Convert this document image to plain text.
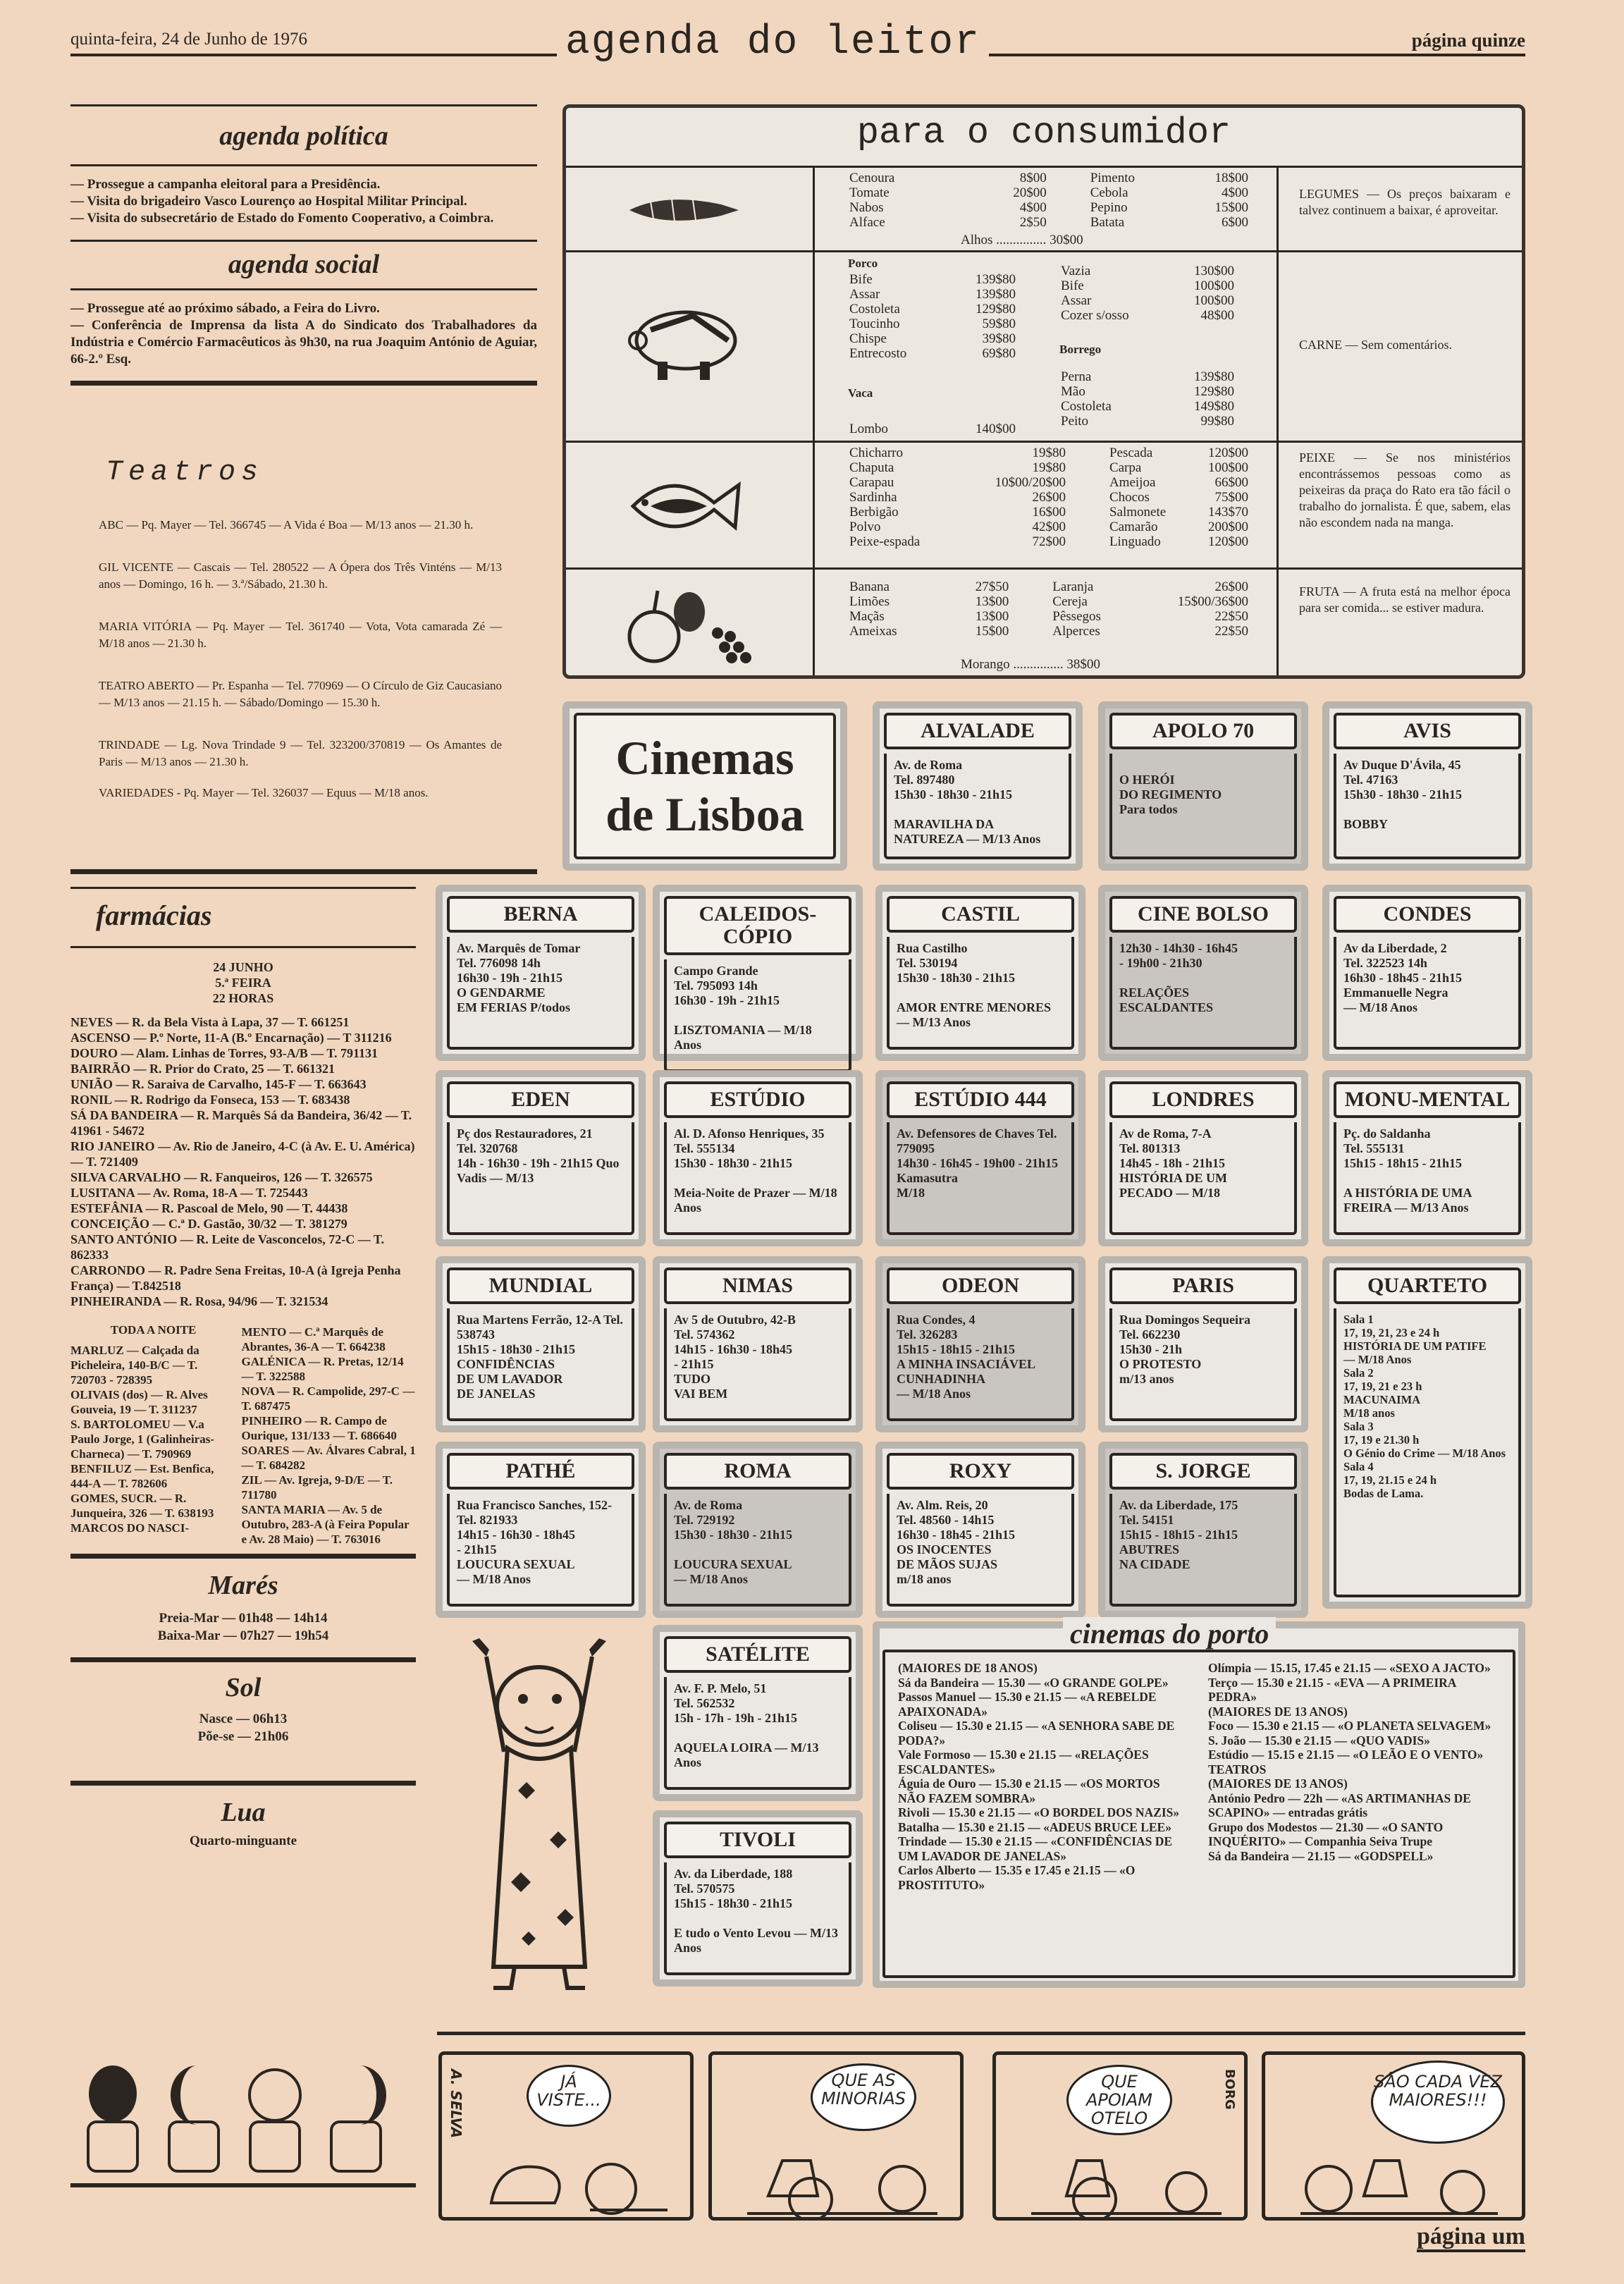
quinta-feira, 24 de Junho de 1976	agenda do leitor	página quinze
agenda política
— Prossegue a campanha eleitoral para a Presidência.
— Visita do brigadeiro Vasco Lourenço ao Hospital Militar Principal.
— Visita do subsecretário de Estado do Fomento Cooperativo, a Coimbra.
agenda social
— Prossegue até ao próximo sábado, a Feira do Livro.
— Conferência de Imprensa da lista A do Sindicato dos Trabalhadores da Indústria e Comércio Farmacêuticos às 9h30, na rua Joaquim António de Aguiar, 66-2.º Esq.
Teatros
ABC — Pq. Mayer — Tel. 366745 — A Vida é Boa — M/13 anos — 21.30 h.
GIL VICENTE — Cascais — Tel. 280522 — A Ópera dos Três Vinténs — M/13 anos — Domingo, 16 h. — 3.ª/Sábado, 21.30 h.
MARIA VITÓRIA — Pq. Mayer — Tel. 361740 — Vota, Vota camarada Zé — M/18 anos — 21.30 h.
TEATRO ABERTO — Pr. Espanha — Tel. 770969 — O Círculo de Giz Caucasiano — M/13 anos — 21.15 h. — Sábado/Domingo — 15.30 h.
TRINDADE — Lg. Nova Trindade 9 — Tel. 323200/370819 — Os Amantes de Paris — M/13 anos — 21.30 h.
VARIEDADES - Pq. Mayer — Tel. 326037 — Equus — M/18 anos.
farmácias
24 JUNHO
5.ª FEIRA
22 HORAS
NEVES — R. da Bela Vista à Lapa, 37 — T. 661251
ASCENSO — P.º Norte, 11-A (B.º Encarnação) — T 311216
DOURO — Alam. Linhas de Torres, 93-A/B — T. 791131
BAIRRÃO — R. Prior do Crato, 25 — T. 661321
UNIÃO — R. Saraiva de Carvalho, 145-F — T. 663643
RONIL — R. Rodrigo da Fonseca, 153 — T. 683438
SÁ DA BANDEIRA — R. Marquês Sá da Bandeira, 36/42 — T. 41961 - 54672
RIO JANEIRO — Av. Rio de Janeiro, 4-C (à Av. E. U. América) — T. 721409
SILVA CARVALHO — R. Fanqueiros, 126 — T. 326575
LUSITANA — Av. Roma, 18-A — T. 725443
ESTEFÂNIA — R. Pascoal de Melo, 90 — T. 44438
CONCEIÇÃO — C.ª D. Gastão, 30/32 — T. 381279
SANTO ANTÓNIO — R. Leite de Vasconcelos, 72-C — T. 862333
CARRONDO — R. Padre Sena Freitas, 10-A (à Igreja Penha França) — T.842518
PINHEIRANDA — R. Rosa, 94/96 — T. 321534
TODA A NOITE
MARLUZ — Calçada da Picheleira, 140-B/C — T. 720703 - 728395
OLIVAIS (dos) — R. Alves Gouveia, 19 — T. 311237
S. BARTOLOMEU — V.a Paulo Jorge, 1 (Galinheiras-Charneca) — T. 790969
BENFILUZ — Est. Benfica, 444-A — T. 782606
GOMES, SUCR. — R. Junqueira, 326 — T. 638193
MARCOS DO NASCI-
MENTO — C.ª Marquês de Abrantes, 36-A — T. 664238
GALÉNICA — R. Pretas, 12/14 — T. 322588
NOVA — R. Campolide, 297-C — T. 687475
PINHEIRO — R. Campo de Ourique, 131/133 — T. 686640
SOARES — Av. Álvares Cabral, 1 — T. 684282
ZIL — Av. Igreja, 9-D/E — T. 711780
SANTA MARIA — Av. 5 de Outubro, 283-A (à Feira Popular e Av. 28 Maio) — T. 763016
Marés
Preia-Mar — 01h48 — 14h14
Baixa-Mar — 07h27 — 19h54
Sol
Nasce — 06h13
Põe-se — 21h06
Lua
Quarto-minguante
para o consumidor
Cenoura	8$00	Pimento	18$00
Tomate	20$00	Cebola	4$00
Nabos	4$00	Pepino	15$00
Alface	2$50	Batata	6$00
Alhos ............... 30$00
LEGUMES — Os preços baixaram e talvez continuem a baixar, é aproveitar.
Porco
Bife	139$80
Assar	139$80
Costoleta	129$80
Toucinho	59$80
Chispe	39$80
Entrecosto	69$80
Vaca
Lombo	140$00
Vazia	130$00
Bife	100$00
Assar	100$00
Cozer s/osso	48$00
Borrego
Perna	139$80
Mão	129$80
Costoleta	149$80
Peito	99$80
CARNE — Sem comentários.
Chicharro	19$80	Pescada	120$00
Chaputa	19$80	Carpa	100$00
Carapau	10$00/20$00	Ameijoa	66$00
Sardinha	26$00	Chocos	75$00
Berbigão	16$00	Salmonete	143$70
Polvo	42$00	Camarão	200$00
Peixe-espada	72$00	Linguado	120$00
PEIXE — Se nos ministérios encontrássemos pessoas como as peixeiras da praça do Rato era tão fácil o trabalho do jornalista. É que, sabem, elas não escondem nada na manga.
Banana	27$50	Laranja	26$00
Limões	13$00	Cereja	15$00/36$00
Maçãs	13$00	Pêssegos	22$50
Ameixas	15$00	Alperces	22$50
Morango ............... 38$00
FRUTA — A fruta está na melhor época para ser comida... se estiver madura.
Cinemas de Lisboa
ALVALADE
Av. de Roma
Tel. 897480
15h30 - 18h30 - 21h15

MARAVILHA DA NATUREZA — M/13 Anos
APOLO 70

O HERÓI
DO REGIMENTO
Para todos
AVIS
Av Duque D'Ávila, 45
Tel. 47163
15h30 - 18h30 - 21h15

BOBBY
BERNA
Av. Marquês de Tomar
Tel. 776098 14h
16h30 - 19h - 21h15
O GENDARME
EM FERIAS P/todos
CALEIDOS-CÓPIO
Campo Grande
Tel. 795093 14h
16h30 - 19h - 21h15

LISZTOMANIA — M/18 Anos
CASTIL
Rua Castilho
Tel. 530194
15h30 - 18h30 - 21h15

AMOR ENTRE MENORES — M/13 Anos
CINE BOLSO
12h30 - 14h30 - 16h45
- 19h00 - 21h30

RELAÇÕES
ESCALDANTES
CONDES
Av da Liberdade, 2
Tel. 322523 14h
16h30 - 18h45 - 21h15
Emmanuelle Negra
— M/18 Anos
EDEN
Pç dos Restauradores, 21
Tel. 320768
14h - 16h30 - 19h - 21h15 Quo Vadis — M/13
ESTÚDIO
Al. D. Afonso Henriques, 35 Tel. 555134
15h30 - 18h30 - 21h15

Meia-Noite de Prazer — M/18 Anos
ESTÚDIO 444
Av. Defensores de Chaves Tel. 779095
14h30 - 16h45 - 19h00 - 21h15
Kamasutra
M/18
LONDRES
Av de Roma, 7-A
Tel. 801313
14h45 - 18h - 21h15
HISTÓRIA DE UM
PECADO — M/18
MONU-MENTAL
Pç. do Saldanha
Tel. 555131
15h15 - 18h15 - 21h15

A HISTÓRIA DE UMA FREIRA — M/13 Anos
MUNDIAL
Rua Martens Ferrão, 12-A Tel. 538743
15h15 - 18h30 - 21h15
CONFIDÊNCIAS
DE UM LAVADOR
DE JANELAS
NIMAS
Av 5 de Outubro, 42-B
Tel. 574362
14h15 - 16h30 - 18h45
- 21h15
TUDO
VAI BEM
ODEON
Rua Condes, 4
Tel. 326283
15h15 - 18h15 - 21h15
A MINHA INSACIÁVEL CUNHADINHA
— M/18 Anos
PARIS
Rua Domingos Sequeira
Tel. 662230
15h30 - 21h
O PROTESTO
m/13 anos
QUARTETO
Sala 1
17, 19, 21, 23 e 24 h
HISTÓRIA DE UM PATIFE
— M/18 Anos
Sala 2
17, 19, 21 e 23 h
MACUNAIMA
M/18 anos
Sala 3
17, 19 e 21.30 h
O Génio do Crime — M/18 Anos
Sala 4
17, 19, 21.15 e 24 h
Bodas de Lama.
PATHÉ
Rua Francisco Sanches, 152-Tel. 821933
14h15 - 16h30 - 18h45
- 21h15
LOUCURA SEXUAL
— M/18 Anos
ROMA
Av. de Roma
Tel. 729192
15h30 - 18h30 - 21h15

LOUCURA SEXUAL
— M/18 Anos
ROXY
Av. Alm. Reis, 20
Tel. 48560 - 14h15
16h30 - 18h45 - 21h15
OS INOCENTES
DE MÃOS SUJAS
m/18 anos
S. JORGE
Av. da Liberdade, 175
Tel. 54151
15h15 - 18h15 - 21h15
ABUTRES
NA CIDADE
SATÉLITE
Av. F. P. Melo, 51
Tel. 562532
15h - 17h - 19h - 21h15

AQUELA LOIRA — M/13 Anos
TIVOLI
Av. da Liberdade, 188
Tel. 570575
15h15 - 18h30 - 21h15

E tudo o Vento Levou — M/13 Anos
cinemas do porto
(MAIORES DE 18 ANOS)
Sá da Bandeira — 15.30 — «O GRANDE GOLPE»
Passos Manuel — 15.30 e 21.15 — «A REBELDE APAIXONADA»
Coliseu — 15.30 e 21.15 — «A SENHORA SABE DE PODA?»
Vale Formoso — 15.30 e 21.15 — «RELAÇÕES ESCALDANTES»
Águia de Ouro — 15.30 e 21.15 — «OS MORTOS NÃO FAZEM SOMBRA»
Rivoli — 15.30 e 21.15 — «O BORDEL DOS NAZIS»
Batalha — 15.30 e 21.15 — «ADEUS BRUCE LEE»
Trindade — 15.30 e 21.15 — «CONFIDÊNCIAS DE UM LAVADOR DE JANELAS»
Carlos Alberto — 15.35 e 17.45 e 21.15 — «O PROSTITUTO»
Olímpia — 15.15, 17.45 e 21.15 — «SEXO A JACTO»
Terço — 15.30 e 21.15 - «EVA — A PRIMEIRA PEDRA»
(MAIORES DE 13 ANOS)
Foco — 15.30 e 21.15 — «O PLANETA SELVAGEM»
S. João — 15.30 e 21.15 — «QUO VADIS»
Estúdio — 15.15 e 21.15 — «O LEÃO E O VENTO»
TEATROS
(MAIORES DE 13 ANOS)
António Pedro — 22h — «AS ARTIMANHAS DE SCAPINO» — entradas grátis
Grupo dos Modestos — 21.30 — «O SANTO INQUÉRITO» — Companhia Seiva Trupe
Sá da Bandeira — 21.15 — «GODSPELL»
A. SELVA	JÁ VISTE...
QUE AS MINORIAS
QUE APOIAM OTELO
BORG	SÃO CADA VEZ MAIORES!!!
página um
